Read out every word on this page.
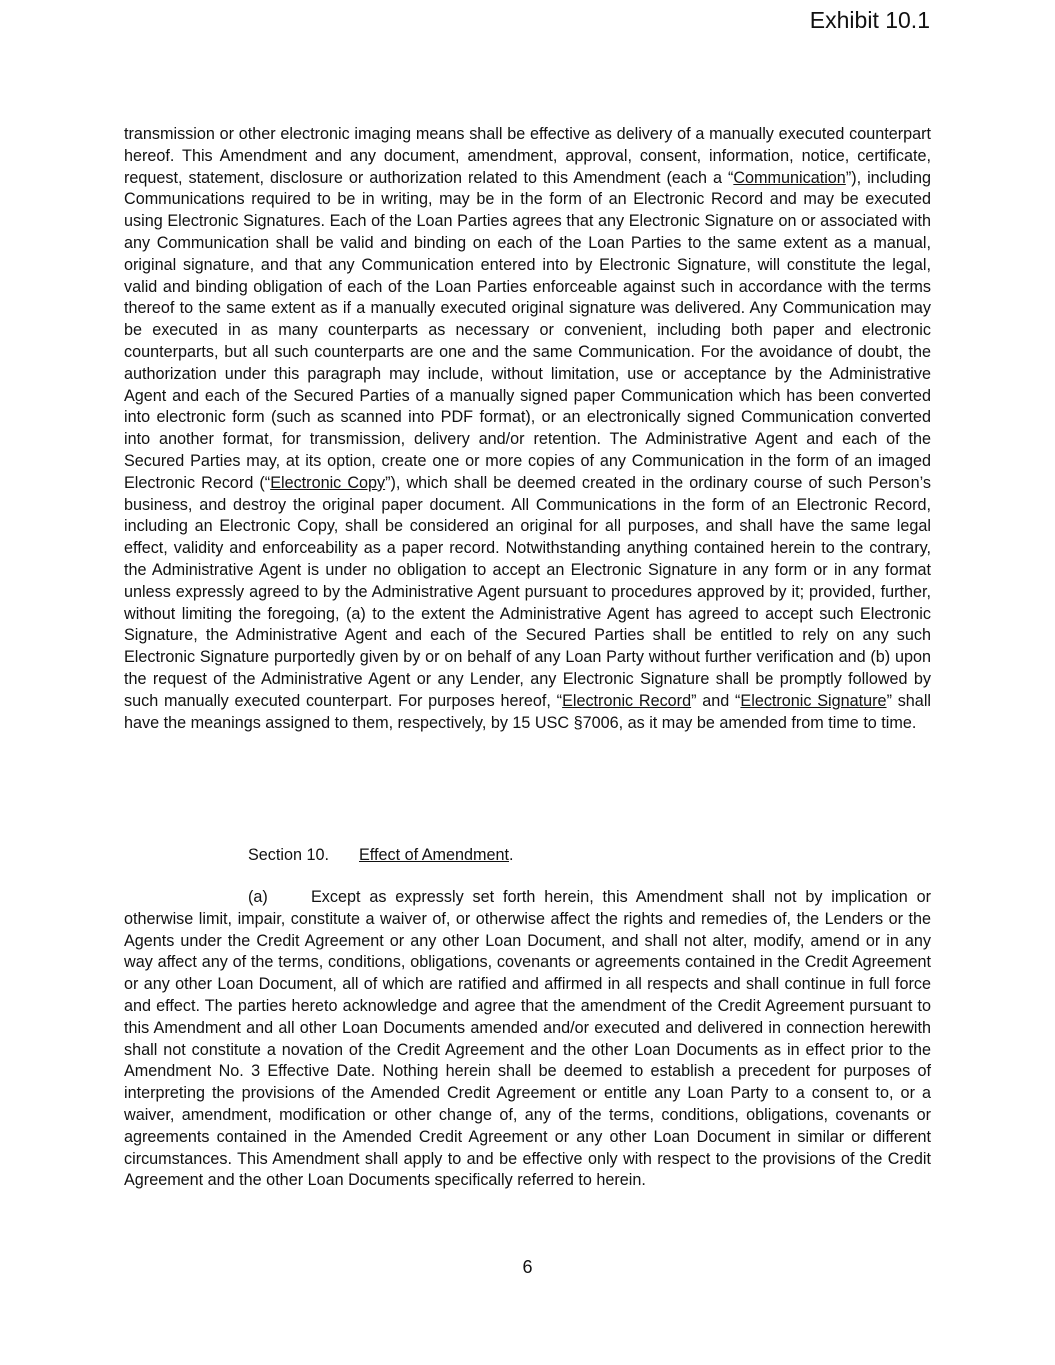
Exhibit 10.1

transmission or other electronic imaging means shall be effective as delivery of a manually executed counterpart hereof. This Amendment and any document, amendment, approval, consent, information, notice, certificate, request, statement, disclosure or authorization related to this Amendment (each a “Communication”), including Communications required to be in writing, may be in the form of an Electronic Record and may be executed using Electronic Signatures. Each of the Loan Parties agrees that any Electronic Signature on or associated with any Communication shall be valid and binding on each of the Loan Parties to the same extent as a manual, original signature, and that any Communication entered into by Electronic Signature, will constitute the legal, valid and binding obligation of each of the Loan Parties enforceable against such in accordance with the terms thereof to the same extent as if a manually executed original signature was delivered. Any Communication may be executed in as many counterparts as necessary or convenient, including both paper and electronic counterparts, but all such counterparts are one and the same Communication. For the avoidance of doubt, the authorization under this paragraph may include, without limitation, use or acceptance by the Administrative Agent and each of the Secured Parties of a manually signed paper Communication which has been converted into electronic form (such as scanned into PDF format), or an electronically signed Communication converted into another format, for transmission, delivery and/or retention. The Administrative Agent and each of the Secured Parties may, at its option, create one or more copies of any Communication in the form of an imaged Electronic Record (“Electronic Copy”), which shall be deemed created in the ordinary course of such Person’s business, and destroy the original paper document. All Communications in the form of an Electronic Record, including an Electronic Copy, shall be considered an original for all purposes, and shall have the same legal effect, validity and enforceability as a paper record. Notwithstanding anything contained herein to the contrary, the Administrative Agent is under no obligation to accept an Electronic Signature in any form or in any format unless expressly agreed to by the Administrative Agent pursuant to procedures approved by it; provided, further, without limiting the foregoing, (a) to the extent the Administrative Agent has agreed to accept such Electronic Signature, the Administrative Agent and each of the Secured Parties shall be entitled to rely on any such Electronic Signature purportedly given by or on behalf of any Loan Party without further verification and (b) upon the request of the Administrative Agent or any Lender, any Electronic Signature shall be promptly followed by such manually executed counterpart. For purposes hereof, “Electronic Record” and “Electronic Signature” shall have the meanings assigned to them, respectively, by 15 USC §7006, as it may be amended from time to time.

Section 10. Effect of Amendment.

(a)	Except as expressly set forth herein, this Amendment shall not by implication or otherwise limit, impair, constitute a waiver of, or otherwise affect the rights and remedies of, the Lenders or the Agents under the Credit Agreement or any other Loan Document, and shall not alter, modify, amend or in any way affect any of the terms, conditions, obligations, covenants or agreements contained in the Credit Agreement or any other Loan Document, all of which are ratified and affirmed in all respects and shall continue in full force and effect. The parties hereto acknowledge and agree that the amendment of the Credit Agreement pursuant to this Amendment and all other Loan Documents amended and/or executed and delivered in connection herewith shall not constitute a novation of the Credit Agreement and the other Loan Documents as in effect prior to the Amendment No. 3 Effective Date. Nothing herein shall be deemed to establish a precedent for purposes of interpreting the provisions of the Amended Credit Agreement or entitle any Loan Party to a consent to, or a waiver, amendment, modification or other change of, any of the terms, conditions, obligations, covenants or agreements contained in the Amended Credit Agreement or any other Loan Document in similar or different circumstances. This Amendment shall apply to and be effective only with respect to the provisions of the Credit Agreement and the other Loan Documents specifically referred to herein.

6
